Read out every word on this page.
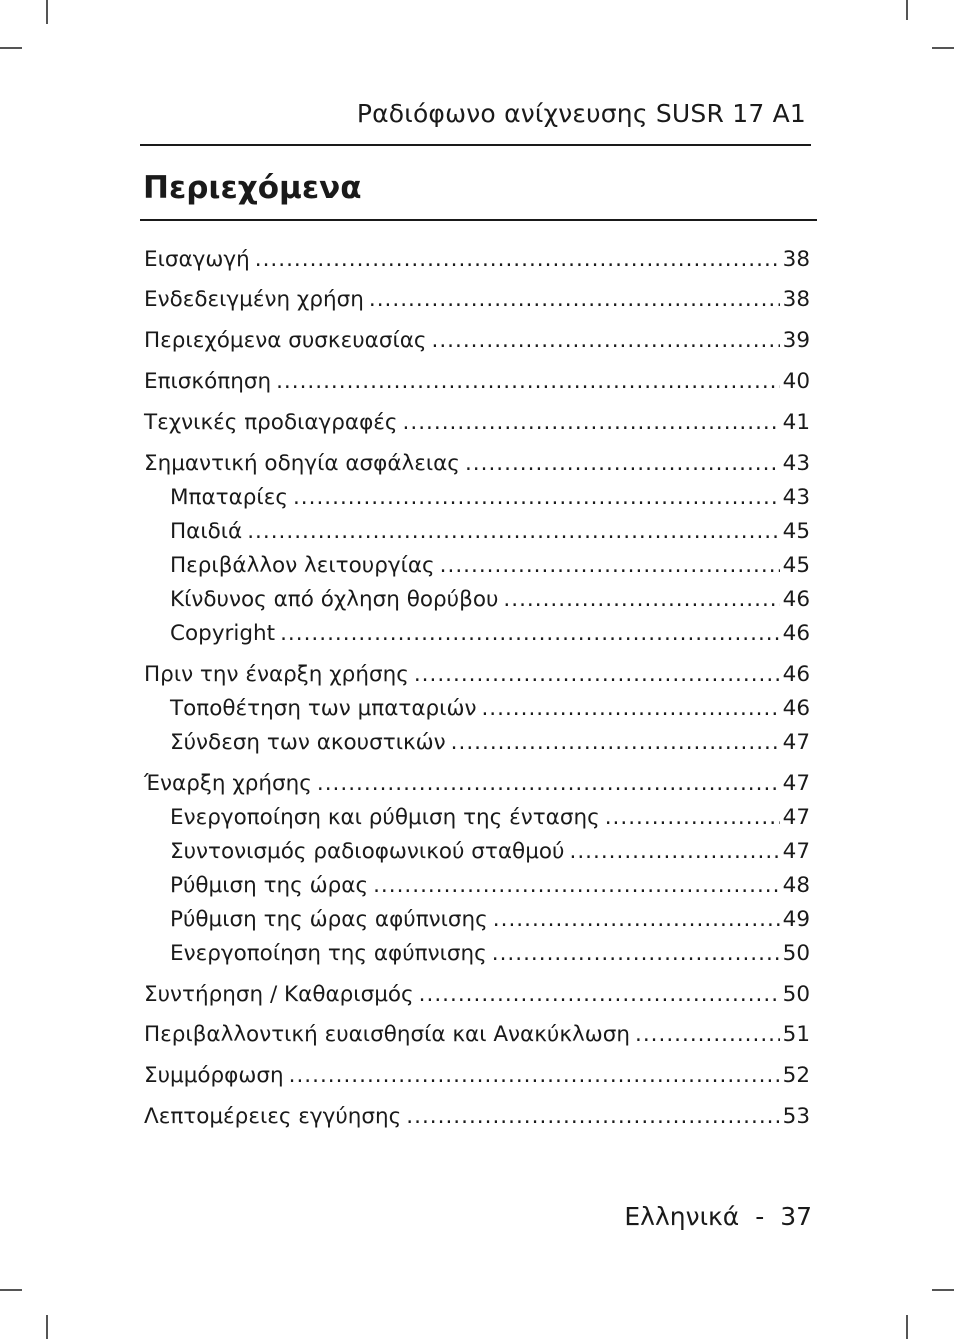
Ραδιόφωνο ανίχνευσης SUSR 17 A1
Περιεχόμενα
Εισαγωγή .....	38
Ενδεδειγμένη χρήση .....	38
Περιεχόμενα συσκευασίας .....	39
Επισκόπηση .....	40
Τεχνικές προδιαγραφές .....	41
Σημαντική οδηγία ασφάλειας .....	43
Μπαταρίες .....	43
Παιδιά .....	45
Περιβάλλον λειτουργίας .....	45
Κίνδυνος από όχληση θορύβου .....	46
Copyright .....	46
Πριν την έναρξη χρήσης .....	46
Τοποθέτηση των μπαταριών .....	46
Σύνδεση των ακουστικών .....	47
Έναρξη χρήσης .....	47
Ενεργοποίηση και ρύθμιση της έντασης .....	47
Συντονισμός ραδιοφωνικού σταθμού .....	47
Ρύθμιση της ώρας .....	48
Ρύθμιση της ώρας αφύπνισης .....	49
Ενεργοποίηση της αφύπνισης .....	50
Συντήρηση / Καθαρισμός .....	50
Περιβαλλοντική ευαισθησία και Ανακύκλωση .....	51
Συμμόρφωση .....	52
Λεπτομέρειες εγγύησης .....	53
Ελληνικά - 37
